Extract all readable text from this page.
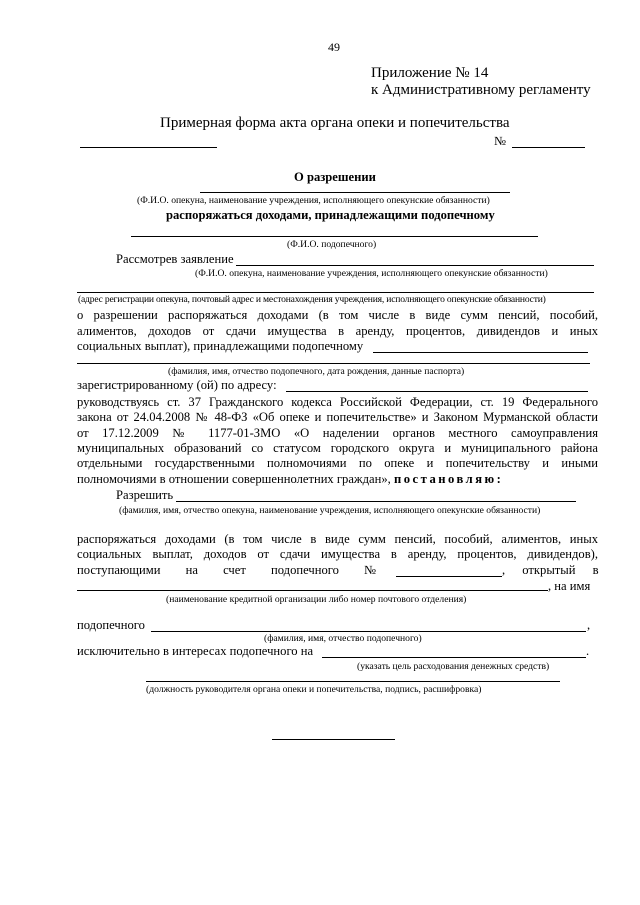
49
Приложение № 14
к Административному регламенту
Примерная форма акта органа опеки и попечительства
№
О разрешении
(Ф.И.О. опекуна, наименование учреждения, исполняющего опекунские обязанности)
распоряжаться доходами, принадлежащими подопечному
(Ф.И.О. подопечного)
Рассмотрев заявление
(Ф.И.О. опекуна, наименование учреждения, исполняющего опекунские обязанности)
(адрес регистрации опекуна, почтовый адрес и местонахождения учреждения, исполняющего опекунские обязанности)
о разрешении распоряжаться доходами (в том числе в виде сумм пенсий, пособий,
алиментов, доходов от сдачи имущества в аренду, процентов, дивидендов и иных
социальных выплат), принадлежащими подопечному
(фамилия, имя, отчество подопечного, дата рождения, данные паспорта)
зарегистрированному (ой) по адресу:
руководствуясь ст. 37 Гражданского кодекса Российской Федерации, ст. 19 Федерального
закона от 24.04.2008 № 48-ФЗ «Об опеке и попечительстве» и Законом Мурманской области
от 17.12.2009 № 1177-01-ЗМО «О наделении органов местного самоуправления
муниципальных образований со статусом городского округа и муниципального района
отдельными государственными полномочиями по опеке и попечительству и иными
полномочиями в отношении совершеннолетних граждан», постановляю:
Разрешить
(фамилия, имя, отчество опекуна, наименование учреждения, исполняющего опекунские обязанности)
распоряжаться доходами (в том числе в виде сумм пенсий, пособий, алиментов, иных
социальных выплат, доходов от сдачи имущества в аренду, процентов, дивидендов),
поступающими на счет подопечного №	, открытый в
, на имя
(наименование кредитной организации либо номер почтового отделения)
подопечного	,
(фамилия, имя, отчество подопечного)
исключительно в интересах подопечного на	.
(указать цель расходования денежных средств)
(должность руководителя органа опеки и попечительства, подпись, расшифровка)
